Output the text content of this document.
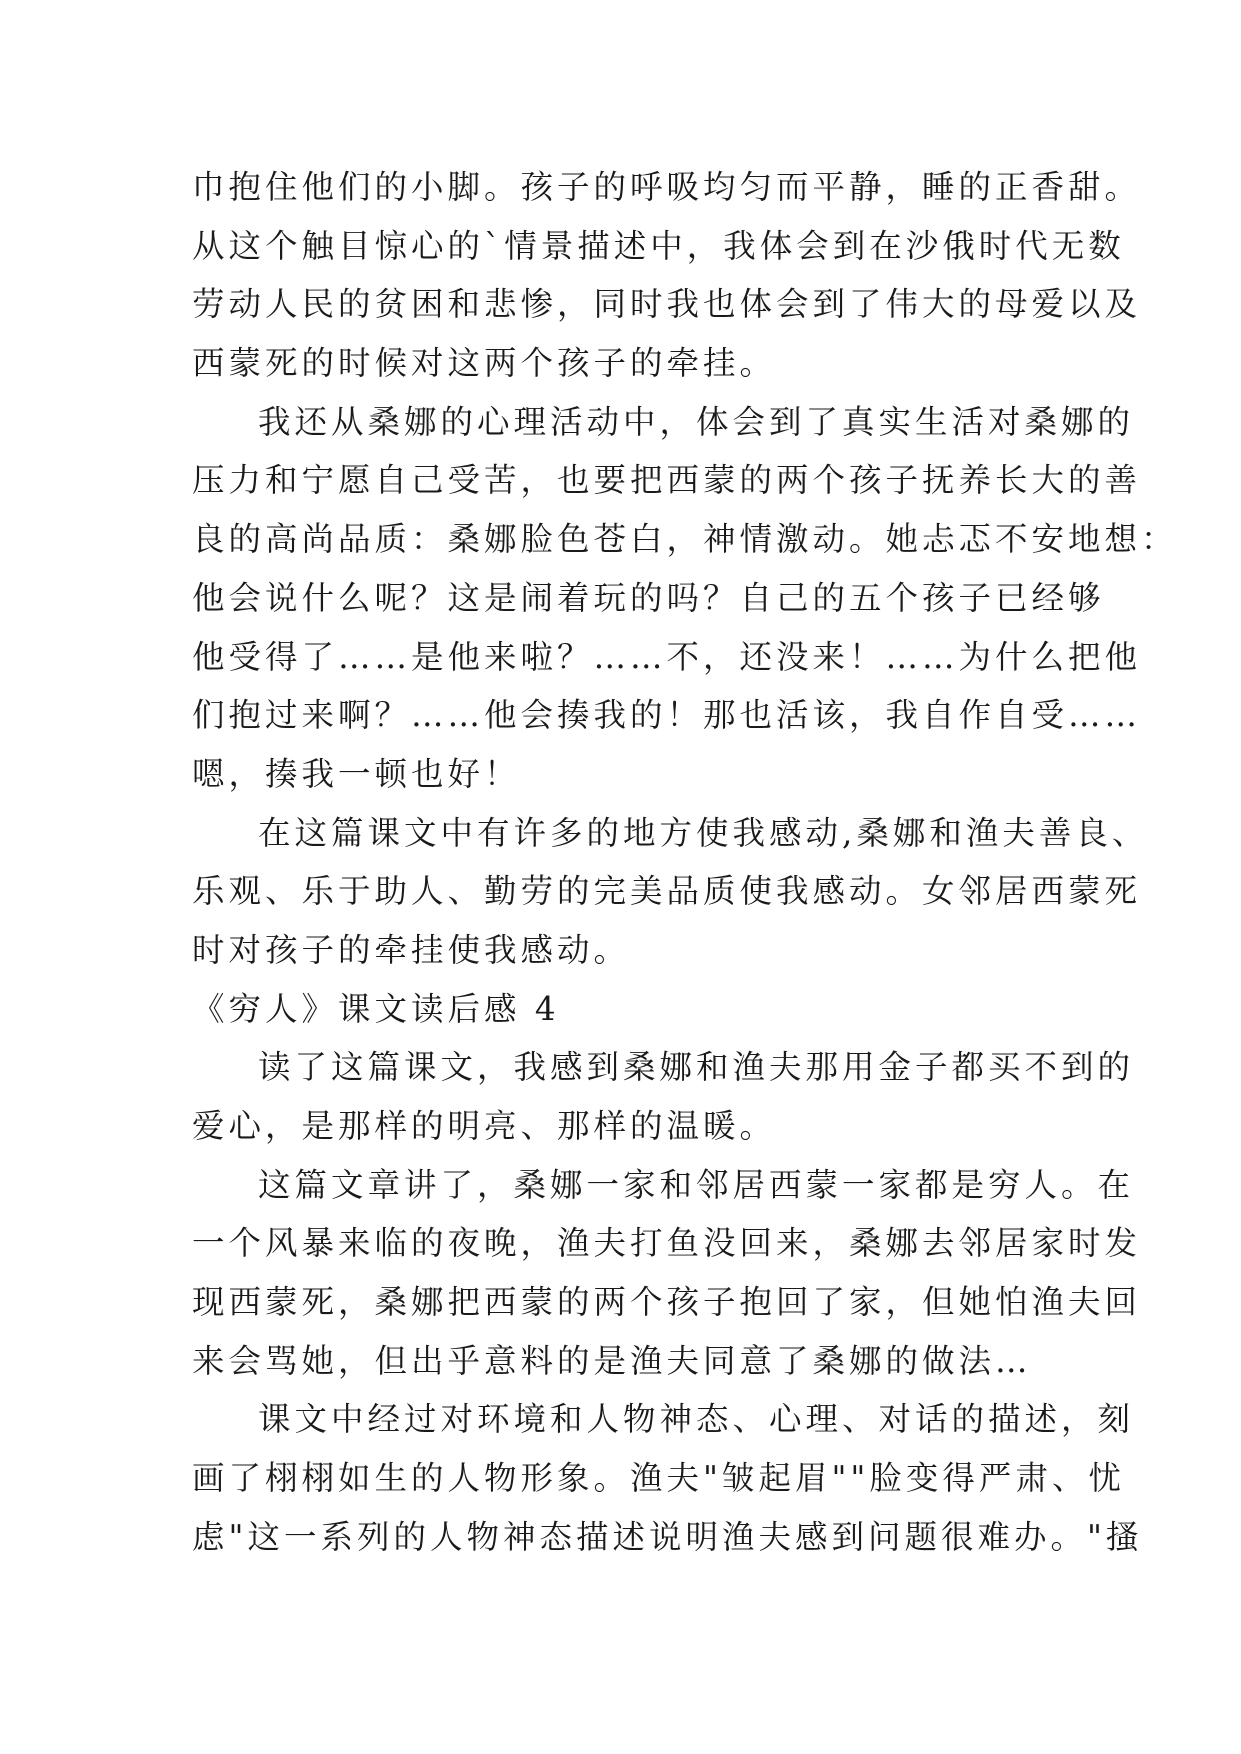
巾抱住他们的小脚。孩子的呼吸均匀而平静，睡的正香甜。
从这个触目惊心的`情景描述中，我体会到在沙俄时代无数
劳动人民的贫困和悲惨，同时我也体会到了伟大的母爱以及
西蒙死的时候对这两个孩子的牵挂。
我还从桑娜的心理活动中，体会到了真实生活对桑娜的
压力和宁愿自己受苦，也要把西蒙的两个孩子抚养长大的善
良的高尚品质：桑娜脸色苍白，神情激动。她忐忑不安地想：
他会说什么呢？这是闹着玩的吗？自己的五个孩子已经够
他受得了……是他来啦？……不，还没来！……为什么把他
们抱过来啊？……他会揍我的！那也活该，我自作自受……
嗯，揍我一顿也好！
在这篇课文中有许多的地方使我感动,桑娜和渔夫善良、
乐观、乐于助人、勤劳的完美品质使我感动。女邻居西蒙死
时对孩子的牵挂使我感动。
《穷人》课文读后感 4
读了这篇课文，我感到桑娜和渔夫那用金子都买不到的
爱心，是那样的明亮、那样的温暖。
这篇文章讲了，桑娜一家和邻居西蒙一家都是穷人。在
一个风暴来临的夜晚，渔夫打鱼没回来，桑娜去邻居家时发
现西蒙死，桑娜把西蒙的两个孩子抱回了家，但她怕渔夫回
来会骂她，但出乎意料的是渔夫同意了桑娜的做法…
课文中经过对环境和人物神态、心理、对话的描述，刻
画了栩栩如生的人物形象。渔夫"皱起眉""脸变得严肃、忧
虑"这一系列的人物神态描述说明渔夫感到问题很难办。"搔
